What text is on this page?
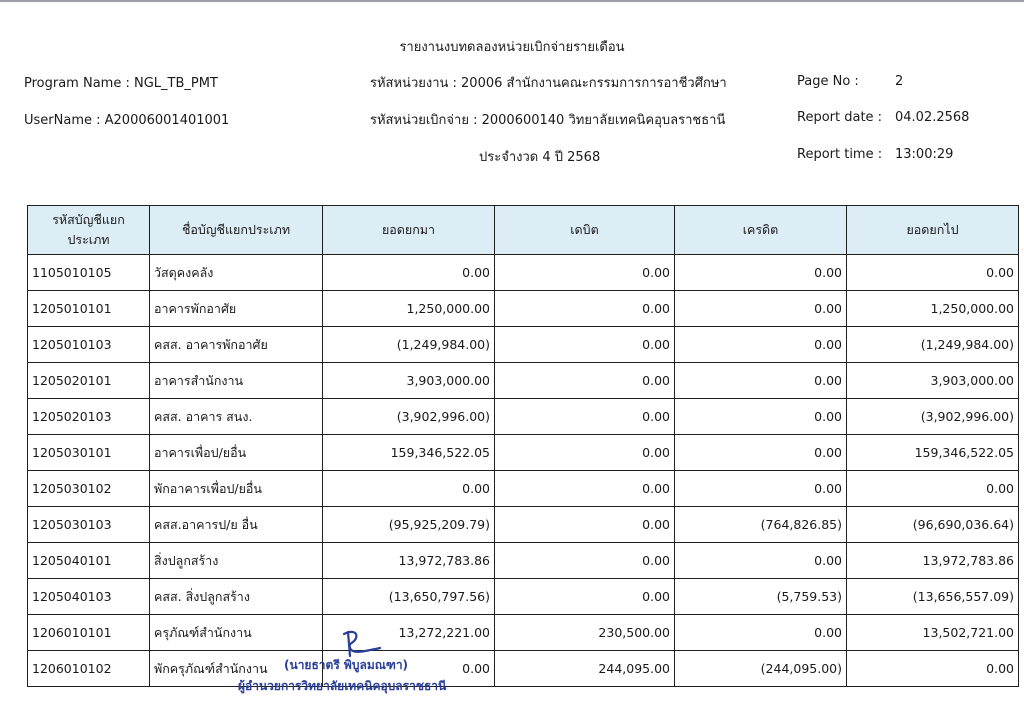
รายงานงบทดลองหน่วยเบิกจ่ายรายเดือน
Program Name : NGL_TB_PMT
UserName : A20006001401001
รหัสหน่วยงาน : 20006 สำนักงานคณะกรรมการการอาชีวศึกษา
รหัสหน่วยเบิกจ่าย : 2000600140 วิทยาลัยเทคนิคอุบลราชธานี
ประจำงวด 4 ปี 2568
Page No :	2
Report date : 04.02.2568
Report time : 13:00:29
รหัสบัญชีแยกประเภท	ชื่อบัญชีแยกประเภท	ยอดยกมา	เดบิต	เครดิต	ยอดยกไป
1105010105	วัสดุคงคลัง	0.00	0.00	0.00	0.00
1205010101	อาคารพักอาศัย	1,250,000.00	0.00	0.00	1,250,000.00
1205010103	คสส. อาคารพักอาศัย	(1,249,984.00)	0.00	0.00	(1,249,984.00)
1205020101	อาคารสำนักงาน	3,903,000.00	0.00	0.00	3,903,000.00
1205020103	คสส. อาคาร สนง.	(3,902,996.00)	0.00	0.00	(3,902,996.00)
1205030101	อาคารเพื่อป/ยอื่น	159,346,522.05	0.00	0.00	159,346,522.05
1205030102	พักอาคารเพื่อป/ยอื่น	0.00	0.00	0.00	0.00
1205030103	คสส.อาคารป/ย อื่น	(95,925,209.79)	0.00	(764,826.85)	(96,690,036.64)
1205040101	สิ่งปลูกสร้าง	13,972,783.86	0.00	0.00	13,972,783.86
1205040103	คสส. สิ่งปลูกสร้าง	(13,650,797.56)	0.00	(5,759.53)	(13,656,557.09)
1206010101	ครุภัณฑ์สำนักงาน	13,272,221.00	230,500.00	0.00	13,502,721.00
1206010102	พักครุภัณฑ์สำนักงาน	0.00	244,095.00	(244,095.00)	0.00
(นายธาตรี พิบูลมณฑา)
ผู้อำนวยการวิทยาลัยเทคนิคอุบลราชธานี
